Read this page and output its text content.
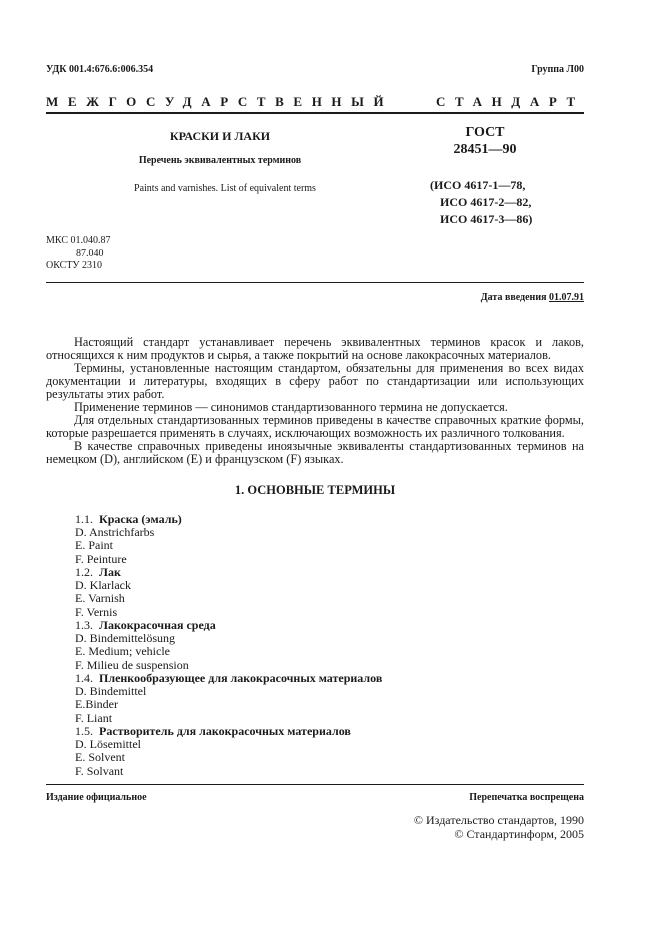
УДК 001.4:676.6:006.354	Группа Л00
МЕЖГОСУДАРСТВЕННЫЙ	СТАНДАРТ
КРАСКИ И ЛАКИ
Перечень эквивалентных терминов
Paints and varnishes. List of equivalent terms
ГОСТ
28451—90
(ИСО 4617-1—78,
ИСО 4617-2—82,
ИСО 4617-3—86)
МКС 01.040.87
87.040
ОКСТУ 2310
Дата введения 01.07.91
Настоящий стандарт устанавливает перечень эквивалентных терминов красок и лаков, относящихся к ним продуктов и сырья, а также покрытий на основе лакокрасочных материалов.
Термины, установленные настоящим стандартом, обязательны для применения во всех видах документации и литературы, входящих в сферу работ по стандартизации или использующих результаты этих работ.
Применение терминов — синонимов стандартизованного термина не допускается.
Для отдельных стандартизованных терминов приведены в качестве справочных краткие формы, которые разрешается применять в случаях, исключающих возможность их различного толкования.
В качестве справочных приведены иноязычные эквиваленты стандартизованных терминов на немецком (D), английском (E) и французском (F) языках.
1. ОСНОВНЫЕ ТЕРМИНЫ
1.1. Краска (эмаль)
D. Anstrichfarbs
E. Paint
F. Peinture
1.2. Лак
D. Klarlack
E. Varnish
F. Vernis
1.3. Лакокрасочная среда
D. Bindemittelösung
E. Medium; vehicle
F. Milieu de suspension
1.4. Пленкообразующее для лакокрасочных материалов
D. Bindemittel
E.Binder
F. Liant
1.5. Растворитель для лакокрасочных материалов
D. Lösemittel
E. Solvent
F. Solvant
Издание официальное	Перепечатка воспрещена
© Издательство стандартов, 1990
© Стандартинформ, 2005
